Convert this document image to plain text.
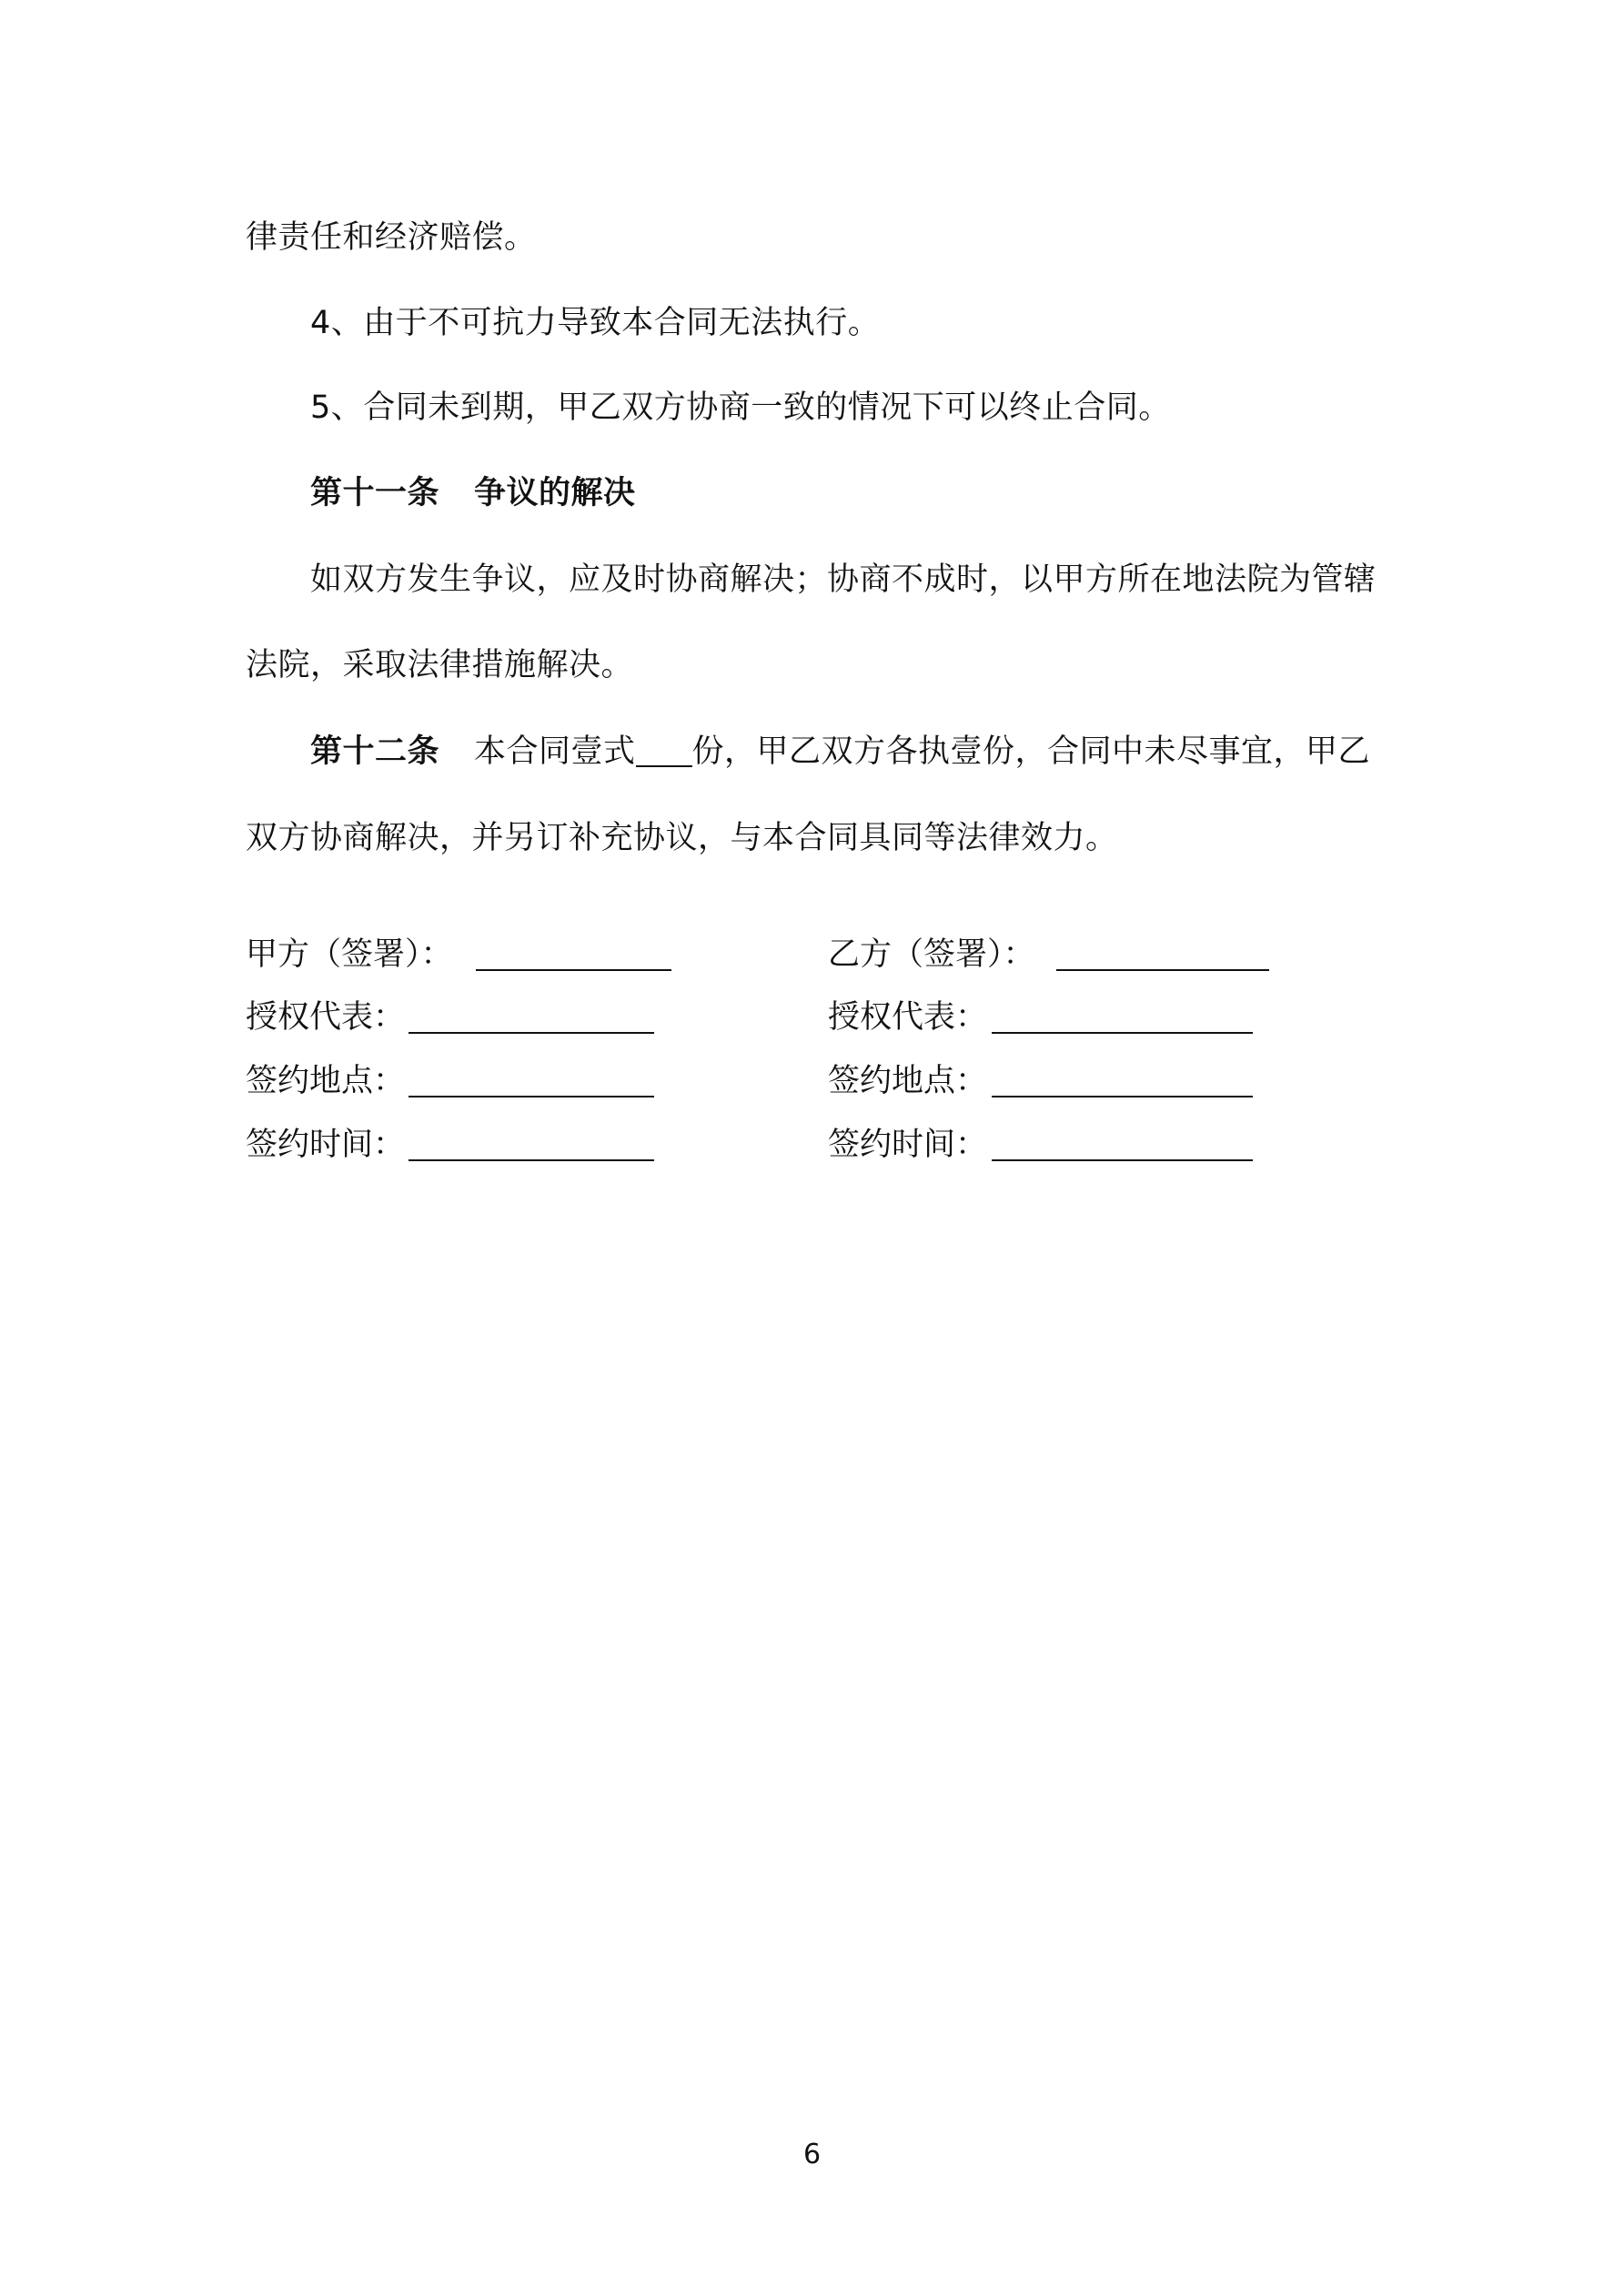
律责任和经济赔偿。
4、由于不可抗力导致本合同无法执行。
5、合同未到期，甲乙双方协商一致的情况下可以终止合同。
第十一条 争议的解决
如双方发生争议，应及时协商解决；协商不成时，以甲方所在地法院为管辖
法院，采取法律措施解决。
第十二条 本合同壹式 份，甲乙双方各执壹份，合同中未尽事宜，甲乙
双方协商解决，并另订补充协议，与本合同具同等法律效力。
甲方（签署）：
授权代表：
签约地点：
签约时间：
乙方（签署）：
授权代表：
签约地点：
签约时间：
6
